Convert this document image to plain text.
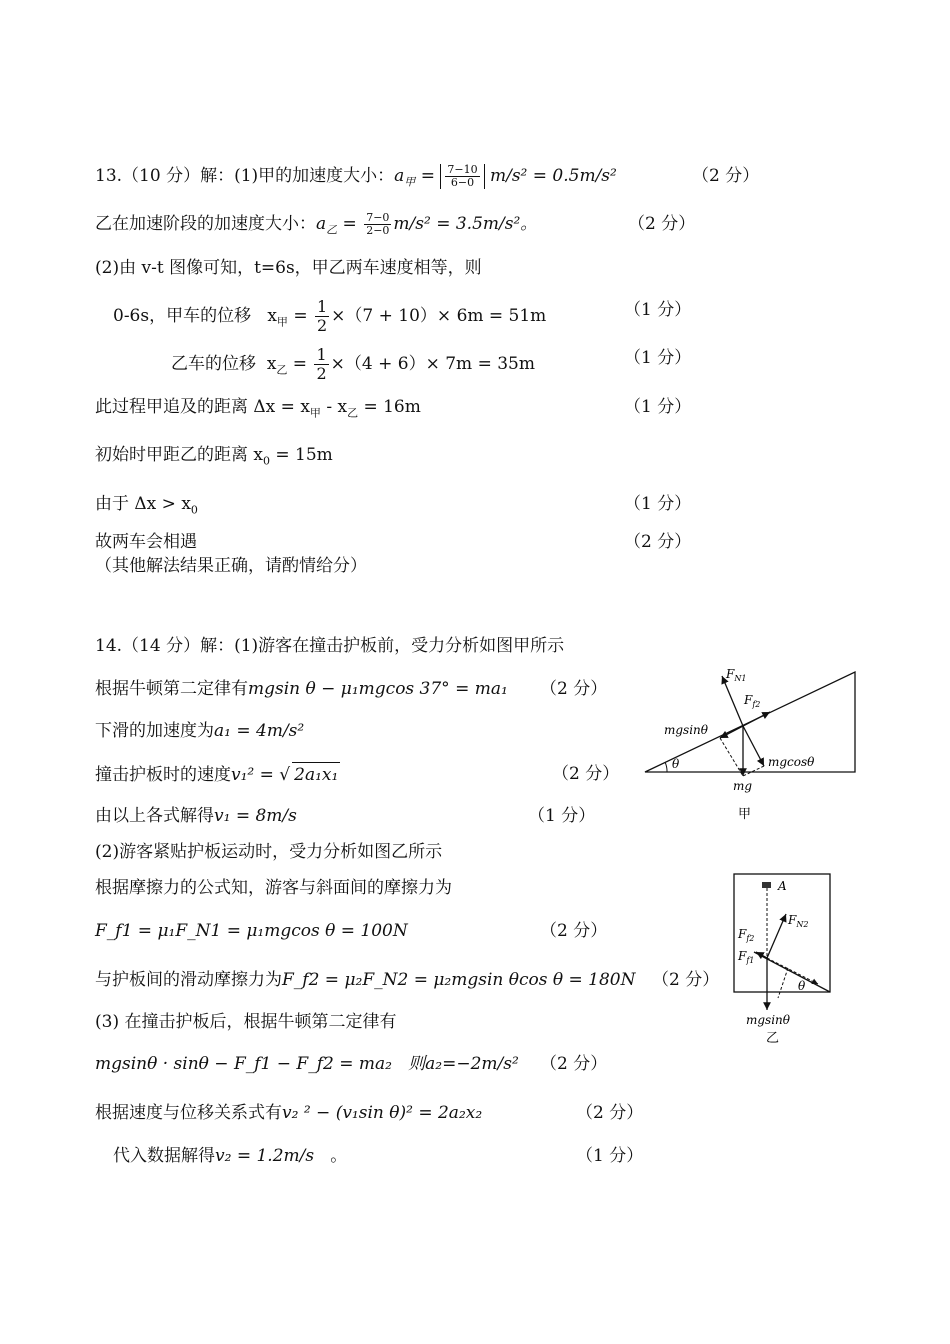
13.（10 分）解：(1)甲的加速度大小：$a_甲 = \frac{7-10}{6-0} m/s^2 = 0.5m/s^2$	（2 分）
乙在加速阶段的加速度大小：$a_乙 = \frac{7-0}{2-0} m/s^2 = 3.5m/s^2$。	（2 分）
(2)由 v-t 图像可知，t=6s，甲乙两车速度相等，则
0-6s，甲车的位移 $x_甲 = \frac{1}{2} \times(7 + 10)\times 6m = 51m$	（1 分）
乙车的位移 $x_乙 = \frac{1}{2} \times(4 + 6)\times 7m = 35m$	（1 分）
此过程甲追及的距离 $\Delta x = x_甲 - x_乙 = 16m$	（1 分）
初始时甲距乙的距离 $x_0 = 15m$
由于 $\Delta x > x_0$	（1 分）
故两车会相遇	（2 分）
（其他解法结果正确，请酌情给分）
14.（14 分）解：(1)游客在撞击护板前，受力分析如图甲所示
根据牛顿第二定律有mgsin θ − μ₁mgcos 37° = ma₁ （2 分）
下滑的加速度为a₁ = 4m/s²
撞击护板时的速度v₁² = √ 2a₁x₁	（2 分）
由以上各式解得v₁ = 8m/s	（1 分）
(2)游客紧贴护板运动时，受力分析如图乙所示
根据摩擦力的公式知，游客与斜面间的摩擦力为
F_f1 = μ₁F_N1 = μ₁mgcos θ = 100N	（2 分）
与护板间的滑动摩擦力为F_f2 = μ₂F_N2 = μ₂mgsin θcos θ = 180N （2 分）
(3) 在撞击护板后，根据牛顿第二定律有
mgsinθ · sinθ − F_f1 − F_f2 = ma₂ 则a₂=−2m/s² （2 分）
根据速度与位移关系式有v₂ ² − (v₁sin θ)² = 2a₂x₂	（2 分）
代入数据解得v₂ = 1.2m/s 。	（1 分）
θ
$F_{N1}$
$F_{f2}$
mgsinθ
mgcosθ
mg
甲
A
$F_{N2}$
$F_{f2}$
$F_{f1}$
θ
mgsinθ
乙
